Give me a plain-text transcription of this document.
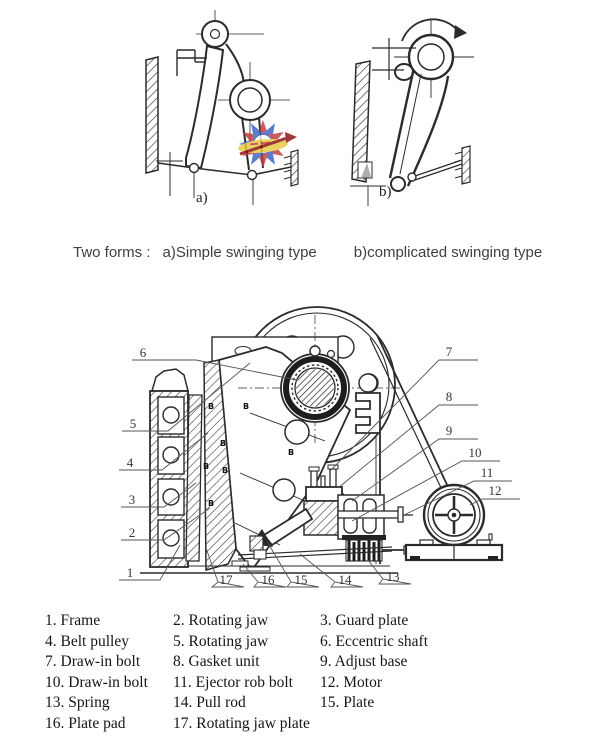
a)	b)
Two forms : a)Simple swinging type b)complicated swinging type
B	B
B
B
B B
B
6
5
4
3
2
1
7
8
9
10
11
12
17 16 15 14	13
1. Frame	2. Rotating jaw	3. Guard plate
4. Belt pulley	5. Rotating jaw	6. Eccentric shaft
7. Draw-in bolt	8. Gasket unit	9. Adjust base
10. Draw-in bolt	11. Ejector rob bolt	12. Motor
13. Spring	14. Pull rod	15. Plate
16. Plate pad	17. Rotating jaw plate
